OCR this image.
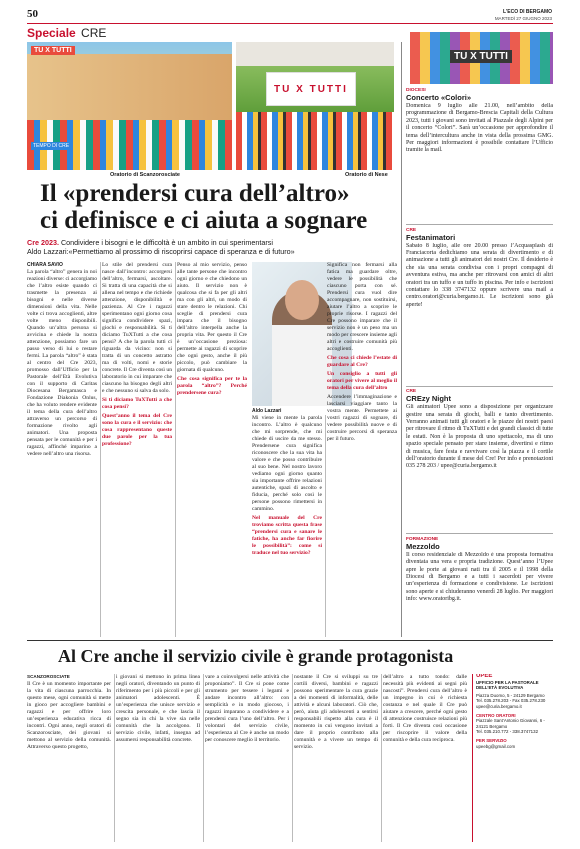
50	L'ECO DI BERGAMO
MARTEDÌ 27 GIUGNO 2023
Speciale CRE
TU X TUTTI
TEMPO DI CRE
TU X TUTTI
Oratorio di Scanzorosciate	Oratorio di Nese
Il «prendersi cura dell’altro»
ci definisce e ci aiuta a sognare
Cre 2023. Condividere i bisogni e le difficoltà è un ambito in cui sperimentarsi
Aldo Lazzari:«Permettiamo al prossimo di riscoprirsi capace di speranza e di futuro»
CHIARA SAVIO

La parola “altro” genera in noi reazioni diverse: ci accorgiamo che l’altro esiste quando ci trasmette la presenza ai bisogni e nelle diverse dimensioni della vita. Nelle volte ci trova accoglienti, altre volte meno disponibili. Quando un’altra persona si avvicina e chiede la nostra attenzione, possiamo fare un passo verso di lui o restare fermi. La parola “altro” è stata al centro del Cre 2023, promosso dall’Ufficio per la Pastorale dell’Età Evolutiva con il supporto di Caritas Diocesana Bergamasca e Fondazione Diakonia Onlus, che ha voluto rendere evidente il tema della cura dell’altro attraverso un percorso di formazione rivolto agli animatori. Una proposta pensata per le comunità e per i ragazzi, affinché imparino a vedere nell’altro una risorsa.

Lo stile del prendersi cura nasce dall’incontro: accorgersi dell’altro, fermarsi, ascoltare. Si tratta di una capacità che si allena nel tempo e che richiede attenzione, disponibilità e pazienza. Al Cre i ragazzi sperimentano ogni giorno cosa significa condividere spazi, giochi e responsabilità. Si ti diciamo TuXTutti a che cosa pensi? A che la parola tutti ci riguarda da vicino: non si tratta di un concetto astratto ma di volti, nomi e storie concrete. Il Cre diventa così un laboratorio in cui imparare che ciascuno ha bisogno degli altri e che nessuno si salva da solo.

Si ti diciamo TuXTutti a che cosa pensi?

Quest’anno il tema del Cre sono la cura e il servizio: che cosa rappresentano queste due parole per la tua professione?

Penso al mio servizio, penso alle tante persone che incontro ogni giorno e che chiedono un aiuto. Il servizio non è qualcosa che si fa per gli altri ma con gli altri, un modo di stare dentro le relazioni. Chi sceglie di prendersi cura impara che il bisogno dell’altro interpella anche la propria vita. Per questo il Cre è un’occasione preziosa: permette ai ragazzi di scoprire che ogni gesto, anche il più piccolo, può cambiare la giornata di qualcuno.

Che cosa significa per te la parola “altro”? Perché prendersene cura?

Aldo Lazzari

Mi viene in mente la parola incontro. L’altro è qualcuno che mi sorprende, che mi chiede di uscire da me stesso. Prendersene cura significa riconoscere che la sua vita ha valore e che posso contribuire al suo bene. Nel nostro lavoro vediamo ogni giorno quanto sia importante offrire relazioni autentiche, spazi di ascolto e fiducia, perché solo così le persone possono rimettersi in cammino.

Nel manuale del Cre troviamo scritta questa frase “prendersi cura e sanare le fatiche, ha anche far fiorire le possibilità”: come si traduce nel tuo servizio?

Significa non fermarsi alla fatica ma guardare oltre, vedere le possibilità che ciascuno porta con sé. Prendersi cura vuol dire accompagnare, non sostituirsi, aiutare l’altro a scoprire le proprie risorse. I ragazzi del Cre possono imparare che il servizio non è un peso ma un modo per crescere insieme agli altri e costruire comunità più accoglienti.

Che cosa ci chiede l’estate di guardare al Cre?

Un consiglio a tutti gli oratori per vivere al meglio il tema della cura dell’altro

Accendere l’immaginazione e lasciarsi viaggiare tanto la vostra mente. Permettete ai vostri ragazzi di sognare, di vedere possibilità nuove e di costruire percorsi di speranza per il futuro.

TU X TUTTI
DIOCESI
Concerto «Colori»
Domenica 9 luglio alle 21.00, nell’ambito della programmazione di Bergamo-Brescia Capitali della Cultura 2023, tutti i giovani sono invitati al Piazzale degli Alpini per il concerto “Colori”. Sarà un’occasione per approfondire il tema dell’intercultura anche in vista della prossima GMG. Per maggiori informazioni è possibile contattare l’Ufficio tramite la mail.
CRE
Festanimatori
Sabato 8 luglio, alle ore 20.00 presso l’Acquasplash di Franciacorta dedichiamo una serata di divertimento e di animazione a tutti gli animatori dei nostri Cre. Il desiderio è che sia una serata condivisa con i propri compagni di avventura estiva, ma anche per ritrovarsi con amici di altri oratori tra un tuffo e un tuffo in piscina. Per info e iscrizioni contattare lo 338 3747132 oppure scrivere una mail a centro.oratori@curia.bergamo.it. Le iscrizioni sono già aperte!
CRE
CREzy Night
Gli animatori Upee sono a disposizione per organizzare gestire una serata di giochi, balli e tanto divertimento. Verranno animati tutti gli oratori e le piazze dei nostri paesi per ritrovare il ritmo di TuXTutti e dei grandi classici di tutte le estati. Non è la proposta di uno spettacolo, ma di uno spazio speciale pensato per stare insieme, divertirsi e ritmo di musica, fare festa e ravvivare così la piazza e il cortile dell’oratorio durante il mese del Cre! Per info e prenotazioni 035 278 203 / upee@curia.bergamo.it
FORMAZIONE
Mezzoldo
Il corso residenziale di Mezzoldo è una proposta formativa diventata una vera e propria tradizione. Quest’anno l’Upee apre le porte ai giovani nati tra il 2005 e il 1998 della Diocesi di Bergamo e a tutti i sacerdoti per vivere un’esperienza di formazione e condivisione. Le iscrizioni sono aperte e si chiuderanno venerdì 28 luglio. Per maggiori info: www.oratoribg.it.
Al Cre anche il servizio civile è grande protagonista
SCANZOROSCIATE

Il Cre è un momento importante per la vita di ciascuna parrocchia. In questo mese, ogni comunità si mette in gioco per accogliere bambini e ragazzi e per offrire loro un’esperienza educativa ricca di incontri. Ogni anno, negli oratori di Scanzorosciate, dei giovani si mettono al servizio della comunità. Attraverso questo progetto,

i giovani si mettono in prima linea negli oratori, diventando un punto di riferimento per i più piccoli e per gli animatori adolescenti. È un’esperienza che unisce servizio e crescita personale, e che lascia il segno sia in chi la vive sia nelle comunità che la accolgono. Il servizio civile, infatti, insegna ad assumersi responsabilità concrete.

vare a coinvolgersi nelle attività che proponiamo”. Il Cre si pone come strumento per tessere i legami e andare incontro all’altro: con semplicità e in modo giocoso, i ragazzi imparano a condividere e a prendersi cura l’uno dell’altro. Per i volontari del servizio civile, l’esperienza al Cre è anche un modo per conoscere meglio il territorio.

nostante il Cre si sviluppi su tre cortili diversi, bambini e ragazzi possono sperimentare la cura grazie a dei momenti di informalità, delle attività e alcuni laboratori. Ciò che, però, aiuta gli adolescenti a sentirsi responsabili rispetto alla cura è il momento in cui vengono invitati a dare il proprio contributo alla comunità e a vivere un tempo di servizio.

dell’altro a tutto tondo: dalle necessità più evidenti ai segni più nascosti”. Prendersi cura dell’altro è un impegno in cui è richiesta costanza e nel quale il Cre può aiutare a crescere, perché ogni gesto di attenzione costruisce relazioni più forti. Il Cre diventa così occasione per riscoprire il valore della comunità e della cura reciproca.

UPEE
UFFICIO PER LA PASTORALE DELL’ETÀ EVOLUTIVA
Piazza Duomo, 5 - 24129 Bergamo
Tel. 035.278.203 - Fax 035.278.230
upee@curia.bergamo.it
CENTRO ORATORI
Piazzale Sant’Antonio Giovanni, 6 - 24121 Bergamo
Tel. 035.210.772 - 338.3747132
PER SERVIZIO
upeebg@gmail.com
